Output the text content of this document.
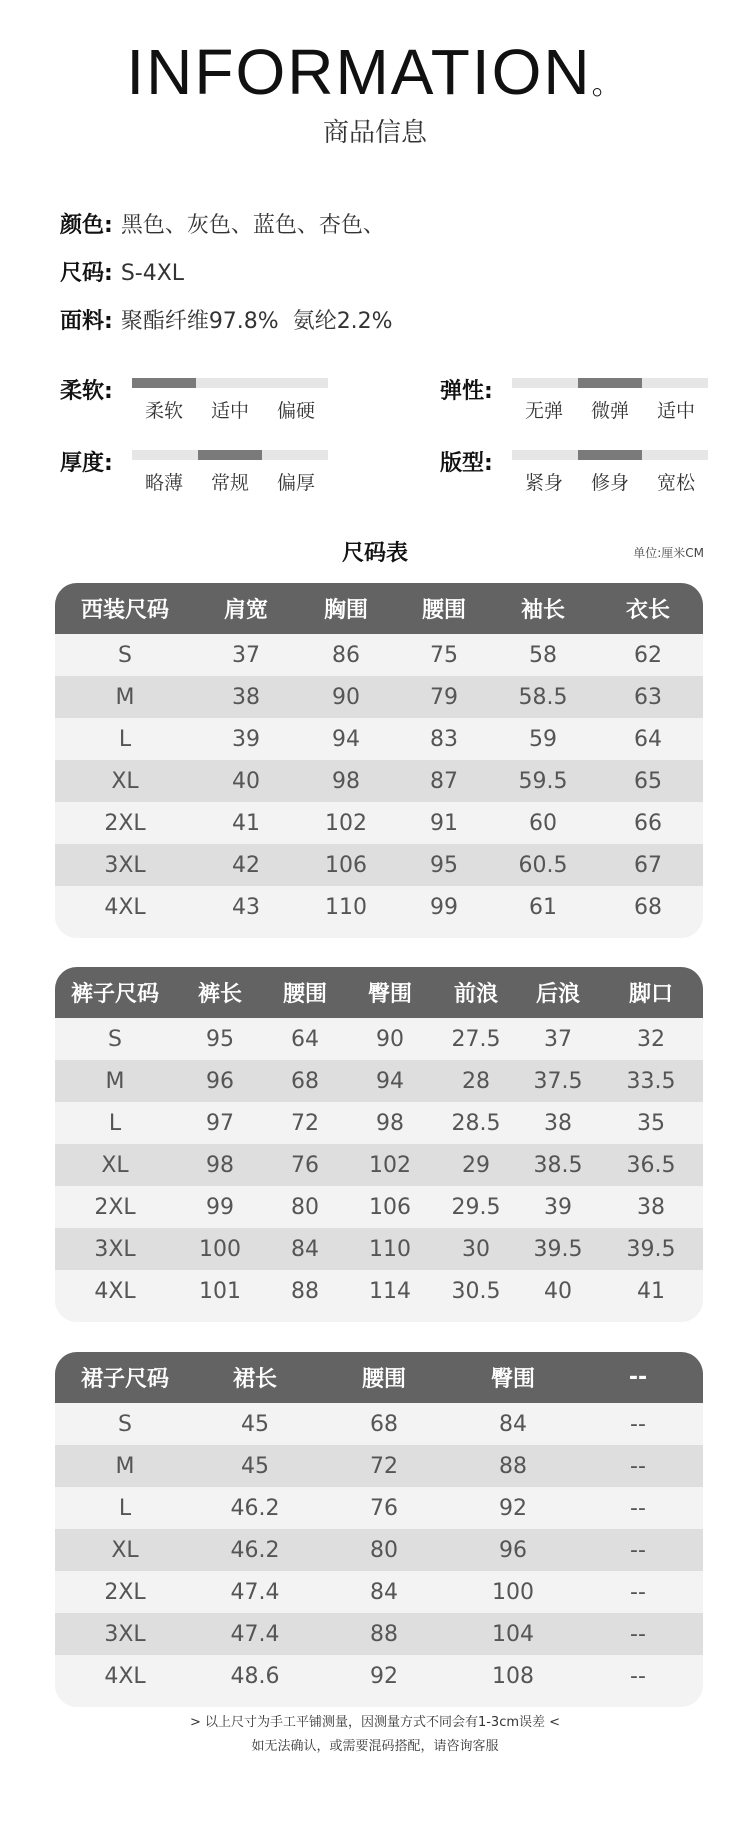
INFORMATION。
商品信息
颜色: 黑色、灰色、蓝色、杏色、
尺码: S-4XL
面料: 聚酯纤维97.8%  氨纶2.2%
柔软:
柔软	适中	偏硬
弹性:
无弹	微弹	适中
厚度:
略薄	常规	偏厚
版型:
紧身	修身	宽松
尺码表	单位:厘米CM
西装尺码	肩宽	胸围	腰围	袖长	衣长
S	37	86	75	58	62
M	38	90	79	58.5	63
L	39	94	83	59	64
XL	40	98	87	59.5	65
2XL	41	102	91	60	66
3XL	42	106	95	60.5	67
4XL	43	110	99	61	68
裤子尺码	裤长	腰围	臀围	前浪	后浪	脚口
S	95	64	90	27.5	37	32
M	96	68	94	28	37.5	33.5
L	97	72	98	28.5	38	35
XL	98	76	102	29	38.5	36.5
2XL	99	80	106	29.5	39	38
3XL	100	84	110	30	39.5	39.5
4XL	101	88	114	30.5	40	41
裙子尺码	裙长	腰围	臀围	--
S	45	68	84	--
M	45	72	88	--
L	46.2	76	92	--
XL	46.2	80	96	--
2XL	47.4	84	100	--
3XL	47.4	88	104	--
4XL	48.6	92	108	--
> 以上尺寸为手工平铺测量，因测量方式不同会有1-3cm误差 <
如无法确认，或需要混码搭配，请咨询客服
